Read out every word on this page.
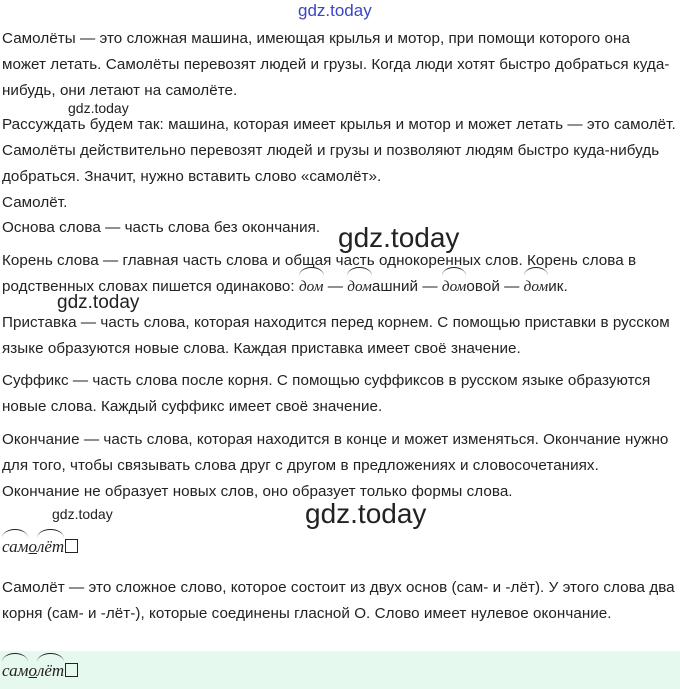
gdz.today

Самолёты — это сложная машина, имеющая крылья и мотор, при помощи которого она может летать. Самолёты перевозят людей и грузы. Когда люди хотят быстро добраться куда-нибудь, они летают на самолёте.

gdz.today

Рассуждать будем так: машина, которая имеет крылья и мотор и может летать — это самолёт. Самолёты действительно перевозят людей и грузы и позволяют людям быстро куда-нибудь добраться. Значит, нужно вставить слово «самолёт».

Самолёт.

Основа слова — часть слова без окончания. gdz.today

Корень слова — главная часть слова и общая часть однокоренных слов. Корень слова в родственных словах пишется одинаково:
дом —
домашний —
домовой —
домик.

gdz.today

Приставка — часть слова, которая находится перед корнем. С помощью приставки в русском языке образуются новые слова. Каждая приставка имеет своё значение.

Суффикс — часть слова после корня. С помощью суффиксов в русском языке образуются новые слова. Каждый суффикс имеет своё значение.

Окончание — часть слова, которая находится в конце и может изменяться. Окончание нужно для того, чтобы связывать слова друг с другом в предложениях и словосочетаниях. Окончание не образует новых слов, оно образует только формы слова.

gdz.today	gdz.today
само
лёт

Самолёт — это сложное слово, которое состоит из двух основ (сам- и -лёт). У этого слова два корня (сам- и -лёт-), которые соединены гласной О. Слово имеет нулевое окончание.

само
лёт
